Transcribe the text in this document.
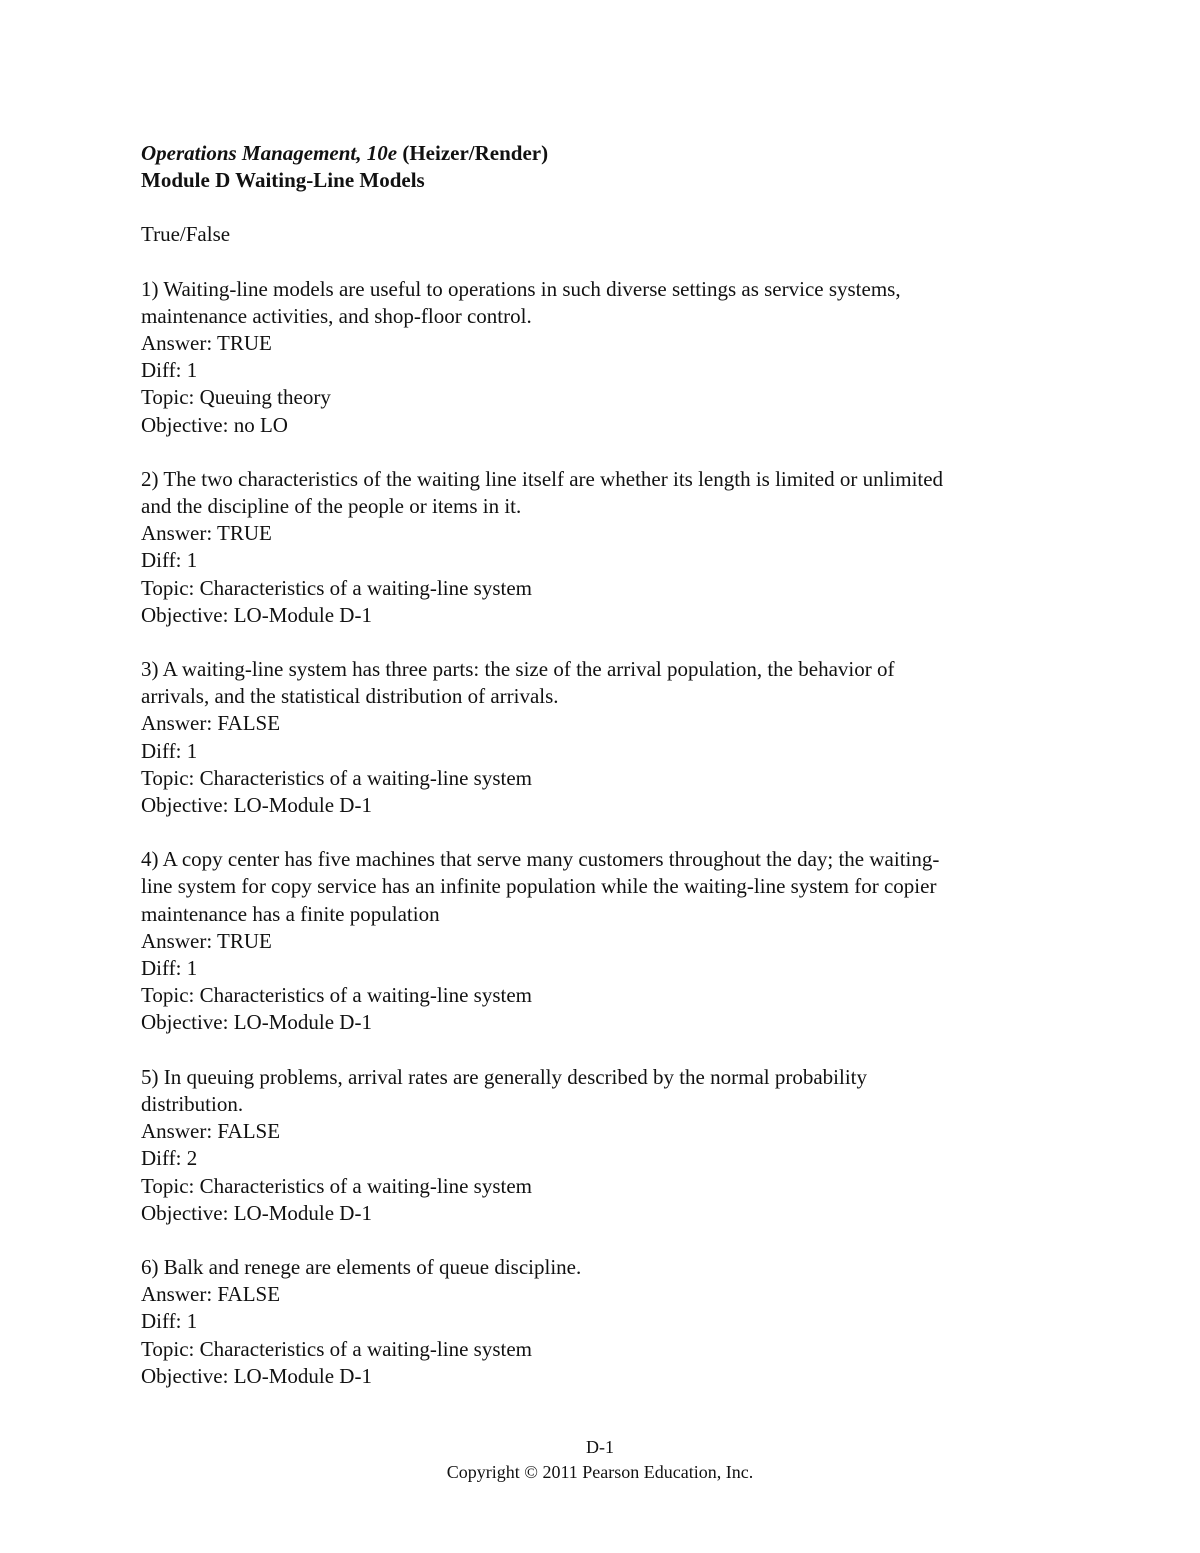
Operations Management, 10e (Heizer/Render)
Module D Waiting-Line Models
True/False
1) Waiting-line models are useful to operations in such diverse settings as service systems,
maintenance activities, and shop-floor control.
Answer: TRUE
Diff: 1
Topic: Queuing theory
Objective: no LO
2) The two characteristics of the waiting line itself are whether its length is limited or unlimited
and the discipline of the people or items in it.
Answer: TRUE
Diff: 1
Topic: Characteristics of a waiting-line system
Objective: LO-Module D-1
3) A waiting-line system has three parts: the size of the arrival population, the behavior of
arrivals, and the statistical distribution of arrivals.
Answer: FALSE
Diff: 1
Topic: Characteristics of a waiting-line system
Objective: LO-Module D-1
4) A copy center has five machines that serve many customers throughout the day; the waiting-
line system for copy service has an infinite population while the waiting-line system for copier
maintenance has a finite population
Answer: TRUE
Diff: 1
Topic: Characteristics of a waiting-line system
Objective: LO-Module D-1
5) In queuing problems, arrival rates are generally described by the normal probability
distribution.
Answer: FALSE
Diff: 2
Topic: Characteristics of a waiting-line system
Objective: LO-Module D-1
6) Balk and renege are elements of queue discipline.
Answer: FALSE
Diff: 1
Topic: Characteristics of a waiting-line system
Objective: LO-Module D-1
D-1
Copyright © 2011 Pearson Education, Inc.
